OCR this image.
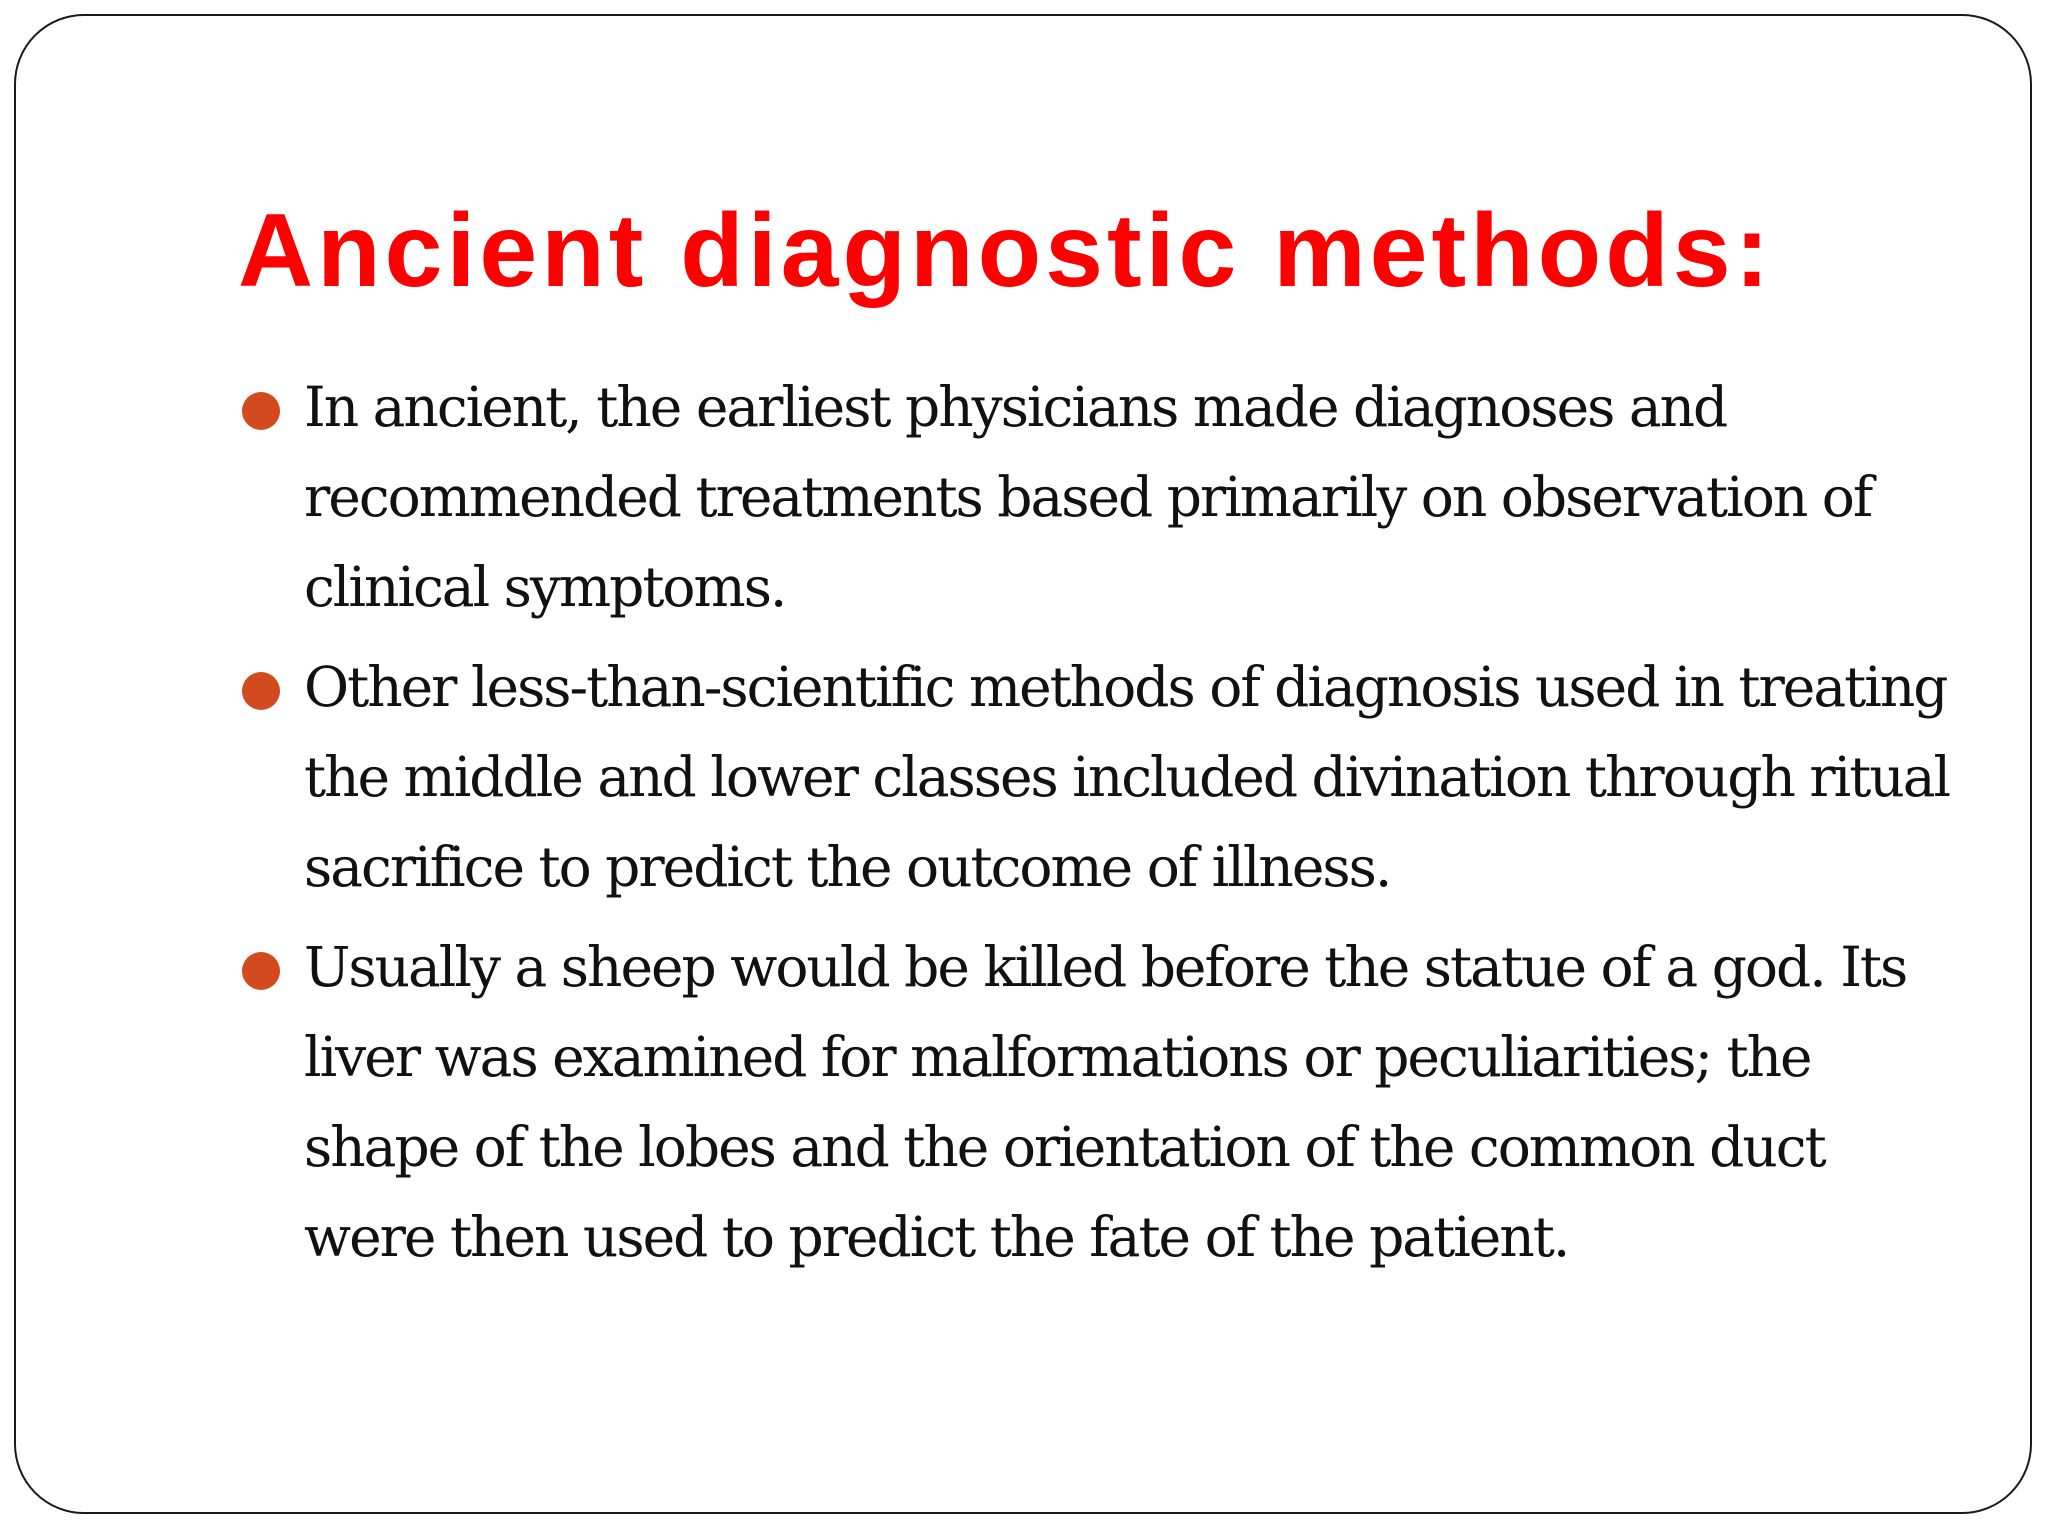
Ancient diagnostic methods:
In ancient, the earliest physicians made diagnoses and recommended treatments based primarily on observation of clinical symptoms.
Other less-than-scientific methods of diagnosis used in treating the middle and lower classes included divination through ritual sacrifice to predict the outcome of illness.
Usually a sheep would be killed before the statue of a god. Its liver was examined for malformations or peculiarities; the shape of the lobes and the orientation of the common duct were then used to predict the fate of the patient.
